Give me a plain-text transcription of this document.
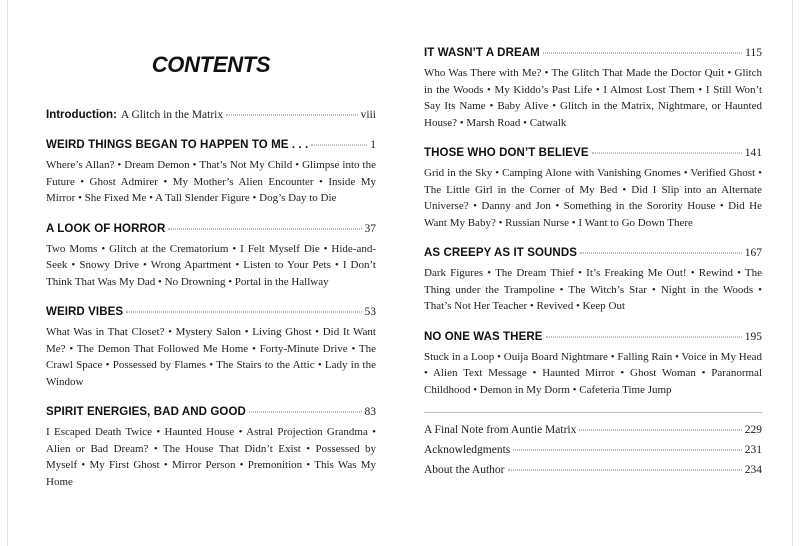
CONTENTS
Introduction: A Glitch in the Matrix	viii
WEIRD THINGS BEGAN TO HAPPEN TO ME . . .	1

Where’s Allan? • Dream Demon • That’s Not My Child • Glimpse into the Future • Ghost Admirer • My Mother’s Alien Encounter • Inside My Mirror • She Fixed Me • A Tall Slender Figure • Dog’s Day to Die

A LOOK OF HORROR	37

Two Moms • Glitch at the Crematorium • I Felt Myself Die • Hide-and-Seek • Snowy Drive • Wrong Apartment • Listen to Your Pets • I Don’t Think That Was My Dad • No Drowning • Portal in the Hallway

WEIRD VIBES	53

What Was in That Closet? • Mystery Salon • Living Ghost • Did It Want Me? • The Demon That Followed Me Home • Forty-Minute Drive • The Crawl Space • Possessed by Flames • The Stairs to the Attic • Lady in the Window

SPIRIT ENERGIES, BAD AND GOOD	83

I Escaped Death Twice • Haunted House • Astral Projection Grandma • Alien or Bad Dream? • The House That Didn’t Exist • Possessed by Myself • My First Ghost • Mirror Person • Premonition • This Was My Home

IT WASN’T A DREAM	115

Who Was There with Me? • The Glitch That Made the Doctor Quit • Glitch in the Woods • My Kiddo’s Past Life • I Almost Lost Them • I Still Won’t Say Its Name • Baby Alive • Glitch in the Matrix, Nightmare, or Haunted House? • Marsh Road • Catwalk

THOSE WHO DON’T BELIEVE	141

Grid in the Sky • Camping Alone with Vanishing Gnomes • Verified Ghost • The Little Girl in the Corner of My Bed • Did I Slip into an Alternate Universe? • Danny and Jon • Something in the Sorority House • Did He Want My Baby? • Russian Nurse • I Want to Go Down There

AS CREEPY AS IT SOUNDS	167

Dark Figures • The Dream Thief • It’s Freaking Me Out! • Rewind • The Thing under the Trampoline • The Witch’s Star • Night in the Woods • That’s Not Her Teacher • Revived • Keep Out

NO ONE WAS THERE	195

Stuck in a Loop • Ouija Board Nightmare • Falling Rain • Voice in My Head • Alien Text Message • Haunted Mirror • Ghost Woman • Paranormal Childhood • Demon in My Dorm • Cafeteria Time Jump

A Final Note from Auntie Matrix	229
Acknowledgments	231
About the Author	234
